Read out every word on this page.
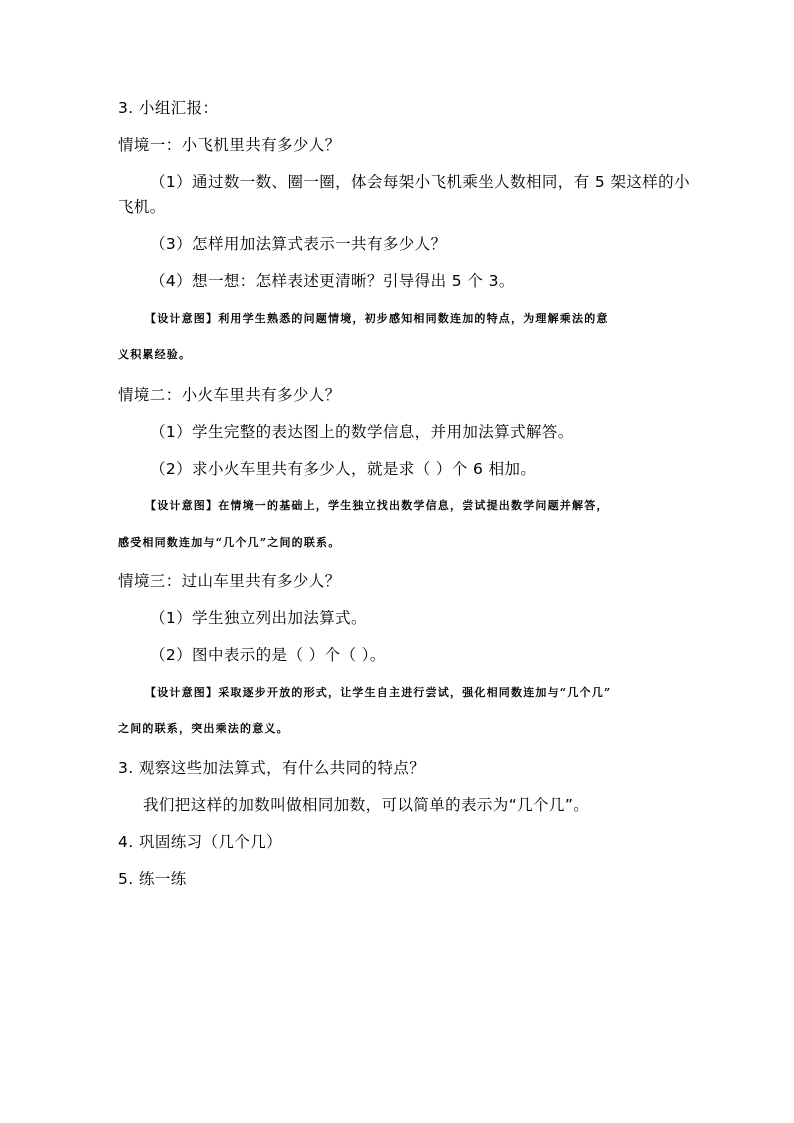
3. 小组汇报：
情境一：小飞机里共有多少人？
（1）通过数一数、圈一圈，体会每架小飞机乘坐人数相同，有 5 架这样的小
飞机。
（3）怎样用加法算式表示一共有多少人？
（4）想一想：怎样表述更清晰？引导得出 5 个 3。
【设计意图】利用学生熟悉的问题情境，初步感知相同数连加的特点，为理解乘法的意
义积累经验。
情境二：小火车里共有多少人？
（1）学生完整的表达图上的数学信息，并用加法算式解答。
（2）求小火车里共有多少人，就是求（ ）个 6 相加。
【设计意图】在情境一的基础上，学生独立找出数学信息，尝试提出数学问题并解答，
感受相同数连加与“几个几”之间的联系。
情境三：过山车里共有多少人？
（1）学生独立列出加法算式。
（2）图中表示的是（ ）个（ ）。
【设计意图】采取逐步开放的形式，让学生自主进行尝试，强化相同数连加与“几个几”
之间的联系，突出乘法的意义。
3. 观察这些加法算式，有什么共同的特点？
我们把这样的加数叫做相同加数，可以简单的表示为“几个几”。
4. 巩固练习（几个几）
5. 练一练
